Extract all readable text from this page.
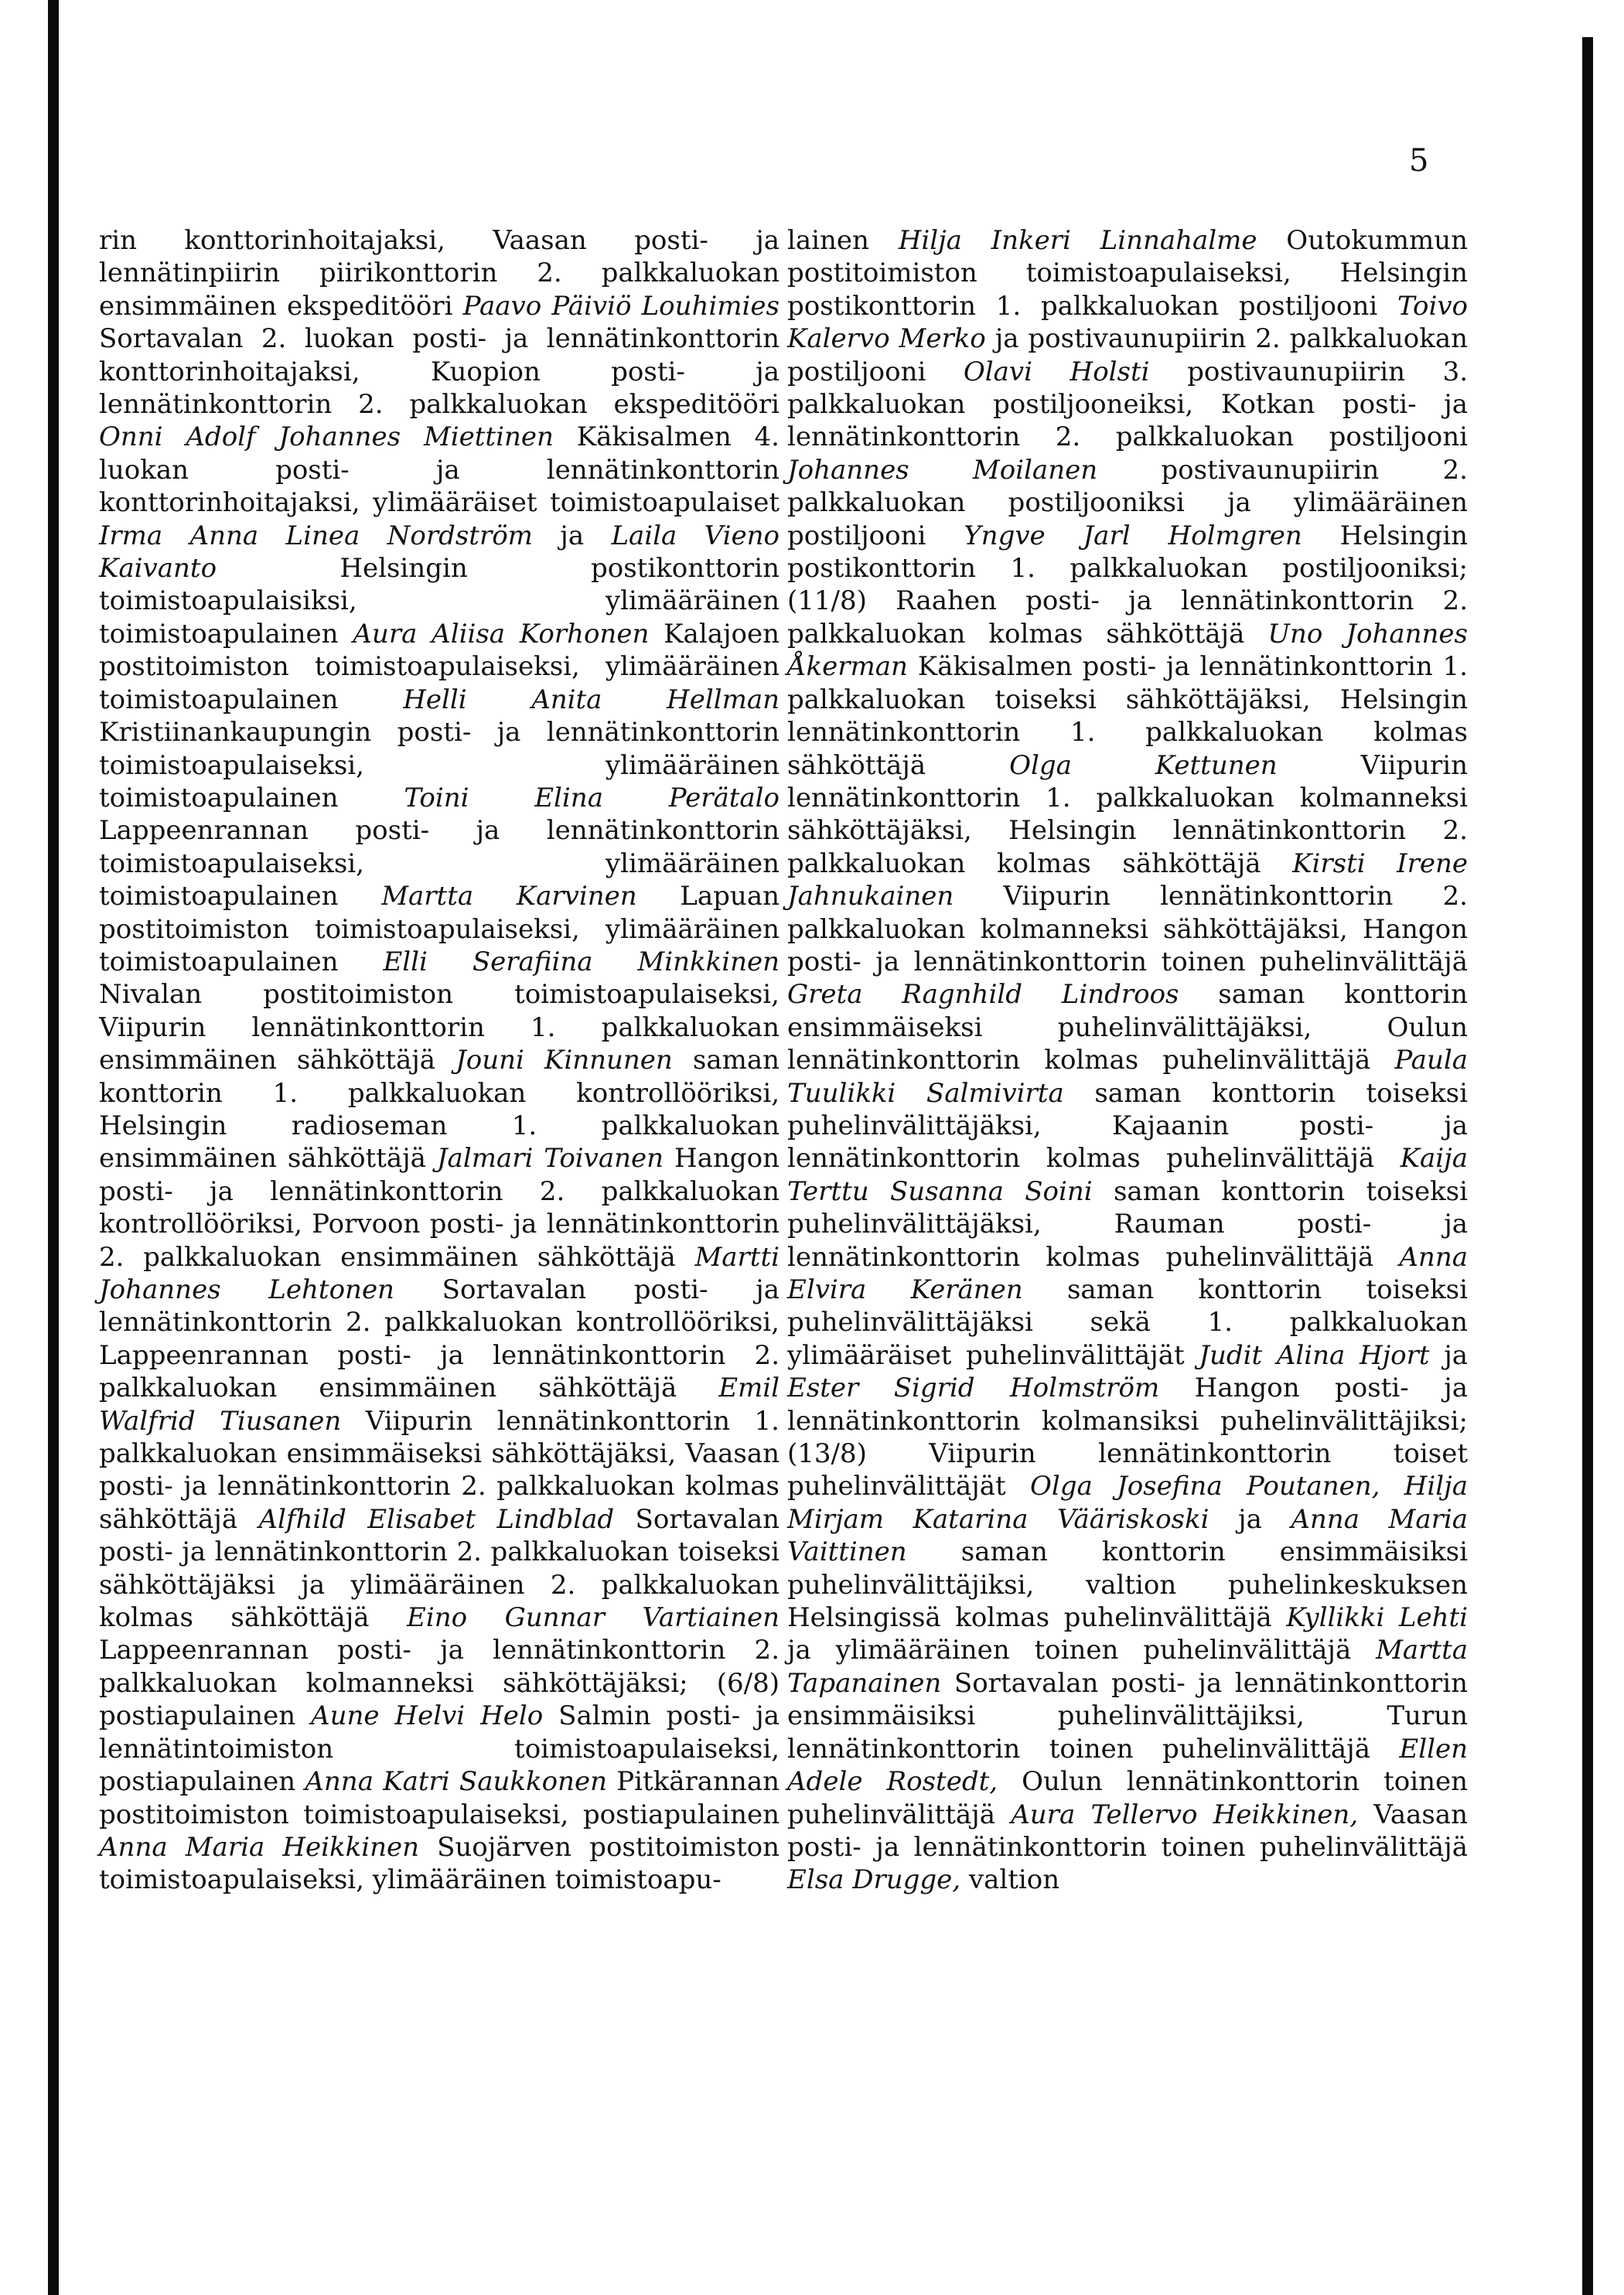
5

rin konttorinhoitajaksi, Vaasan posti- ja lennätinpiirin piirikonttorin 2. palkkaluokan ensimmäinen ekspeditööri Paavo Päiviö Louhimies Sortavalan 2. luokan posti- ja lennätinkonttorin konttorinhoitajaksi, Kuopion posti- ja lennätinkonttorin 2. palkkaluokan ekspeditööri Onni Adolf Johannes Miettinen Käkisalmen 4. luokan posti- ja lennätinkonttorin konttorinhoitajaksi, ylimääräiset toimistoapulaiset Irma Anna Linea Nordström ja Laila Vieno Kaivanto Helsingin postikonttorin toimistoapulaisiksi, ylimääräinen toimistoapulainen Aura Aliisa Korhonen Kalajoen postitoimiston toimistoapulaiseksi, ylimääräinen toimistoapulainen Helli Anita Hellman Kristiinankaupungin posti- ja lennätinkonttorin toimistoapulaiseksi, ylimääräinen toimistoapulainen Toini Elina Perätalo Lappeenrannan posti- ja lennätinkonttorin toimistoapulaiseksi, ylimääräinen toimistoapulainen Martta Karvinen Lapuan postitoimiston toimistoapulaiseksi, ylimääräinen toimistoapulainen Elli Serafiina Minkkinen Nivalan postitoimiston toimistoapulaiseksi, Viipurin lennätinkonttorin 1. palkkaluokan ensimmäinen sähköttäjä Jouni Kinnunen saman konttorin 1. palkkaluokan kontrollööriksi, Helsingin radioseman 1. palkkaluokan ensimmäinen sähköttäjä Jalmari Toivanen Hangon posti- ja lennätinkonttorin 2. palkkaluokan kontrollööriksi, Porvoon posti- ja lennätinkonttorin 2. palkkaluokan ensimmäinen sähköttäjä Martti Johannes Lehtonen Sortavalan posti- ja lennätinkonttorin 2. palkkaluokan kontrollööriksi, Lappeenrannan posti- ja lennätinkonttorin 2. palkkaluokan ensimmäinen sähköttäjä Emil Walfrid Tiusanen Viipurin lennätinkonttorin 1. palkkaluokan ensimmäiseksi sähköttäjäksi, Vaasan posti- ja lennätinkonttorin 2. palkkaluokan kolmas sähköttäjä Alfhild Elisabet Lindblad Sortavalan posti- ja lennätinkonttorin 2. palkkaluokan toiseksi sähköttäjäksi ja ylimääräinen 2. palkkaluokan kolmas sähköttäjä Eino Gunnar Vartiainen Lappeenrannan posti- ja lennätinkonttorin 2. palkkaluokan kolmanneksi sähköttäjäksi; (6/8) postiapulainen Aune Helvi Helo Salmin posti- ja lennätintoimiston toimistoapulaiseksi, postiapulainen Anna Katri Saukkonen Pitkärannan postitoimiston toimistoapulaiseksi, postiapulainen Anna Maria Heikkinen Suojärven postitoimiston toimistoapulaiseksi, ylimääräinen toimistoapu-

lainen Hilja Inkeri Linnahalme Outokummun postitoimiston toimistoapulaiseksi, Helsingin postikonttorin 1. palkkaluokan postiljooni Toivo Kalervo Merko ja postivaunupiirin 2. palkkaluokan postiljooni Olavi Holsti postivaunupiirin 3. palkkaluokan postiljooneiksi, Kotkan posti- ja lennätinkonttorin 2. palkkaluokan postiljooni Johannes Moilanen postivaunupiirin 2. palkkaluokan postiljooniksi ja ylimääräinen postiljooni Yngve Jarl Holmgren Helsingin postikonttorin 1. palkkaluokan postiljooniksi; (11/8) Raahen posti- ja lennätinkonttorin 2. palkkaluokan kolmas sähköttäjä Uno Johannes Åkerman Käkisalmen posti- ja lennätinkonttorin 1. palkkaluokan toiseksi sähköttäjäksi, Helsingin lennätinkonttorin 1. palkkaluokan kolmas sähköttäjä Olga Kettunen Viipurin lennätinkonttorin 1. palkkaluokan kolmanneksi sähköttäjäksi, Helsingin lennätinkonttorin 2. palkkaluokan kolmas sähköttäjä Kirsti Irene Jahnukainen Viipurin lennätinkonttorin 2. palkkaluokan kolmanneksi sähköttäjäksi, Hangon posti- ja lennätinkonttorin toinen puhelinvälittäjä Greta Ragnhild Lindroos saman konttorin ensimmäiseksi puhelinvälittäjäksi, Oulun lennätinkonttorin kolmas puhelinvälittäjä Paula Tuulikki Salmivirta saman konttorin toiseksi puhelinvälittäjäksi, Kajaanin posti- ja lennätinkonttorin kolmas puhelinvälittäjä Kaija Terttu Susanna Soini saman konttorin toiseksi puhelinvälittäjäksi, Rauman posti- ja lennätinkonttorin kolmas puhelinvälittäjä Anna Elvira Keränen saman konttorin toiseksi puhelinvälittäjäksi sekä 1. palkkaluokan ylimääräiset puhelinvälittäjät Judit Alina Hjort ja Ester Sigrid Holmström Hangon posti- ja lennätinkonttorin kolmansiksi puhelinvälittäjiksi; (13/8) Viipurin lennätinkonttorin toiset puhelinvälittäjät Olga Josefina Poutanen, Hilja Mirjam Katarina Vääriskoski ja Anna Maria Vaittinen saman konttorin ensimmäisiksi puhelinvälittäjiksi, valtion puhelinkeskuksen Helsingissä kolmas puhelinvälittäjä Kyllikki Lehti ja ylimääräinen toinen puhelinvälittäjä Martta Tapanainen Sortavalan posti- ja lennätinkonttorin ensimmäisiksi puhelinvälittäjiksi, Turun lennätinkonttorin toinen puhelinvälittäjä Ellen Adele Rostedt, Oulun lennätinkonttorin toinen puhelinvälittäjä Aura Tellervo Heikkinen, Vaasan posti- ja lennätinkonttorin toinen puhelinvälittäjä Elsa Drugge, valtion
